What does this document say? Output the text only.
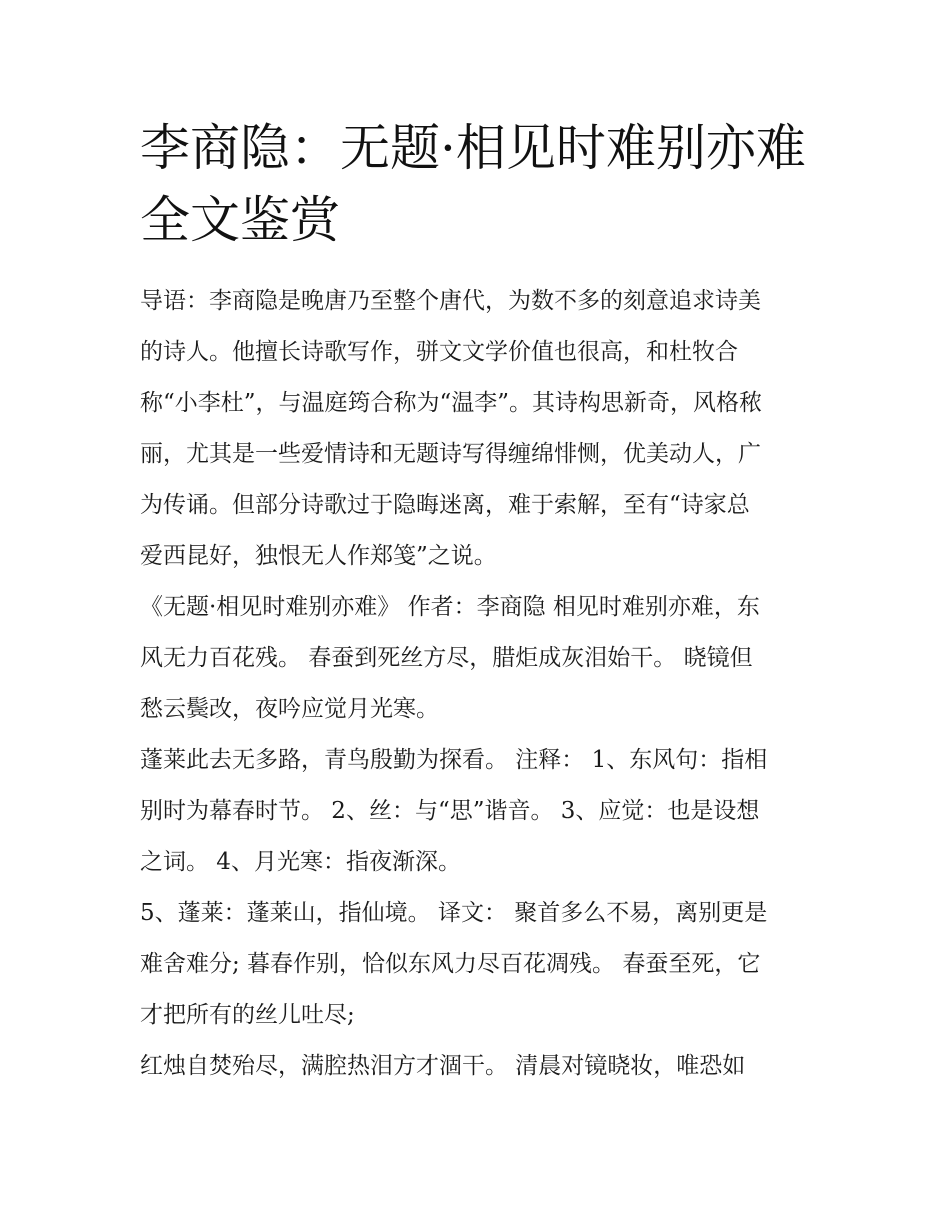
李商隐：无题·相见时难别亦难
全文鉴赏
导语：李商隐是晚唐乃至整个唐代，为数不多的刻意追求诗美
的诗人。他擅长诗歌写作，骈文文学价值也很高，和杜牧合
称“小李杜”，与温庭筠合称为“温李”。其诗构思新奇，风格秾
丽，尤其是一些爱情诗和无题诗写得缠绵悱恻，优美动人，广
为传诵。但部分诗歌过于隐晦迷离，难于索解，至有“诗家总
爱西昆好，独恨无人作郑笺”之说。
《无题·相见时难别亦难》 作者：李商隐 相见时难别亦难，东
风无力百花残。 春蚕到死丝方尽，腊炬成灰泪始干。 晓镜但
愁云鬓改，夜吟应觉月光寒。
蓬莱此去无多路，青鸟殷勤为探看。 注释： 1、东风句：指相
别时为幕春时节。 2、丝：与“思”谐音。 3、应觉：也是设想
之词。 4、月光寒：指夜渐深。
5、蓬莱：蓬莱山，指仙境。 译文： 聚首多么不易，离别更是
难舍难分; 暮春作别，恰似东风力尽百花凋残。 春蚕至死，它
才把所有的丝儿吐尽;
红烛自焚殆尽，满腔热泪方才涸干。 清晨对镜晓妆，唯恐如
